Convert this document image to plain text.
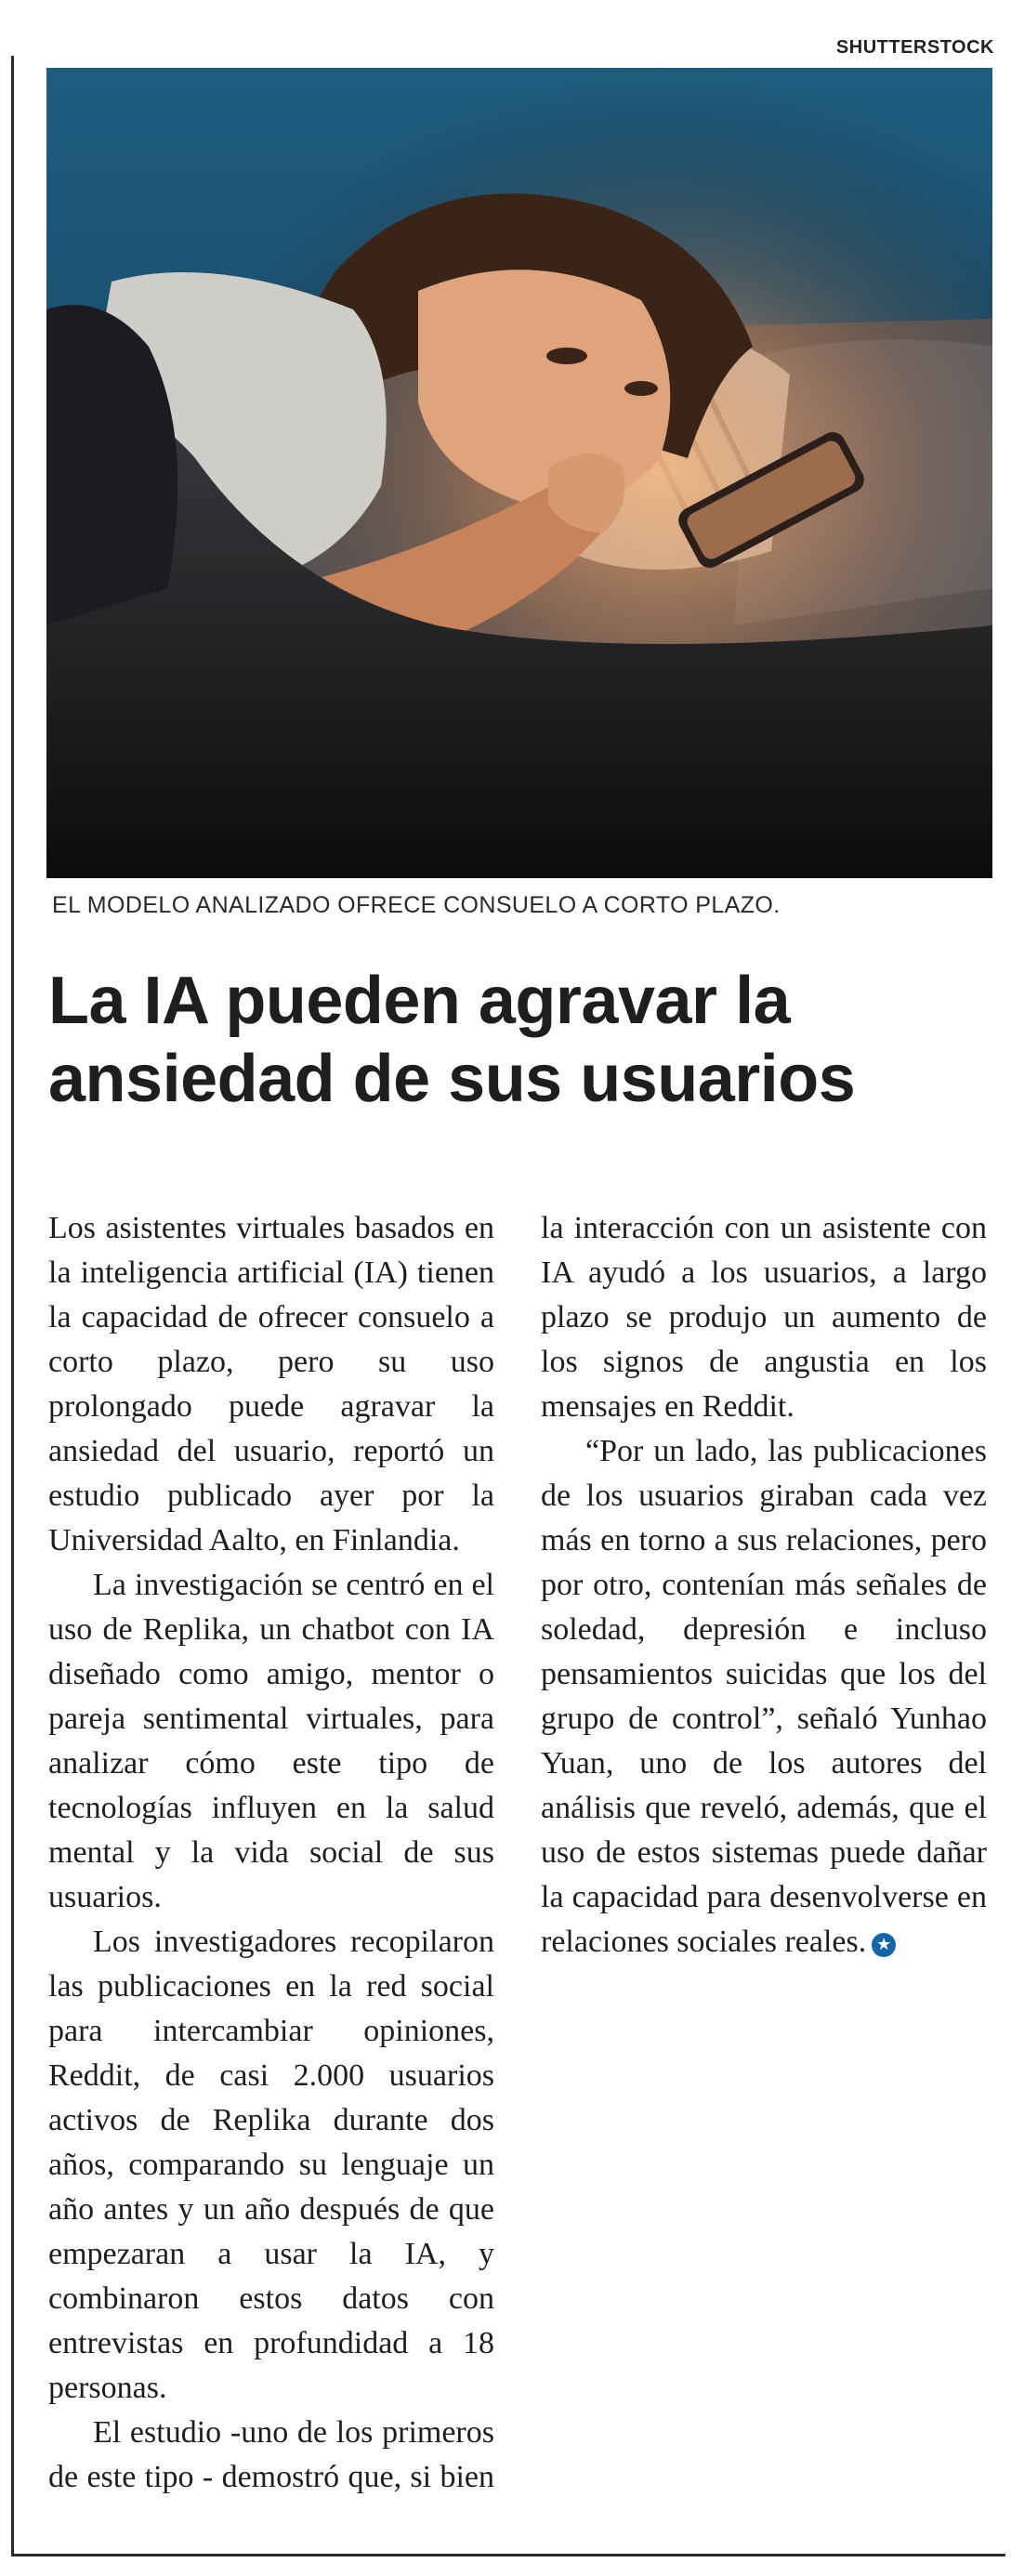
SHUTTERSTOCK
EL MODELO ANALIZADO OFRECE CONSUELO A CORTO PLAZO.
La IA pueden agravar la ansiedad de sus usuarios

Los asistentes virtuales basados en la inteligencia artificial (IA) tienen la capacidad de ofrecer consuelo a corto plazo, pero su uso prolongado puede agravar la ansiedad del usuario, reportó un estudio publicado ayer por la Universidad Aalto, en Finlandia.

La investigación se centró en el uso de Replika, un chatbot con IA diseñado como amigo, mentor o pareja sentimental virtuales, para analizar cómo este tipo de tecnologías influyen en la salud mental y la vida social de sus usuarios.

Los investigadores recopilaron las publicaciones en la red social para intercambiar opiniones, Reddit, de casi 2.000 usuarios activos de Replika durante dos años, comparando su lenguaje un año antes y un año después de que empezaran a usar la IA, y combinaron estos datos con entrevistas en profundidad a 18 personas.

El estudio -uno de los primeros de este tipo - demostró que, si bien la interacción con un asistente con IA ayudó a los usuarios, a largo plazo se produjo un aumento de los signos de angustia en los mensajes en Reddit.

“Por un lado, las publicaciones de los usuarios giraban cada vez más en torno a sus relaciones, pero por otro, contenían más señales de soledad, depresión e incluso pensamientos suicidas que los del grupo de control”, señaló Yunhao Yuan, uno de los autores del análisis que reveló, además, que el uso de estos sistemas puede dañar la capacidad para desenvolverse en relaciones sociales reales. ★
